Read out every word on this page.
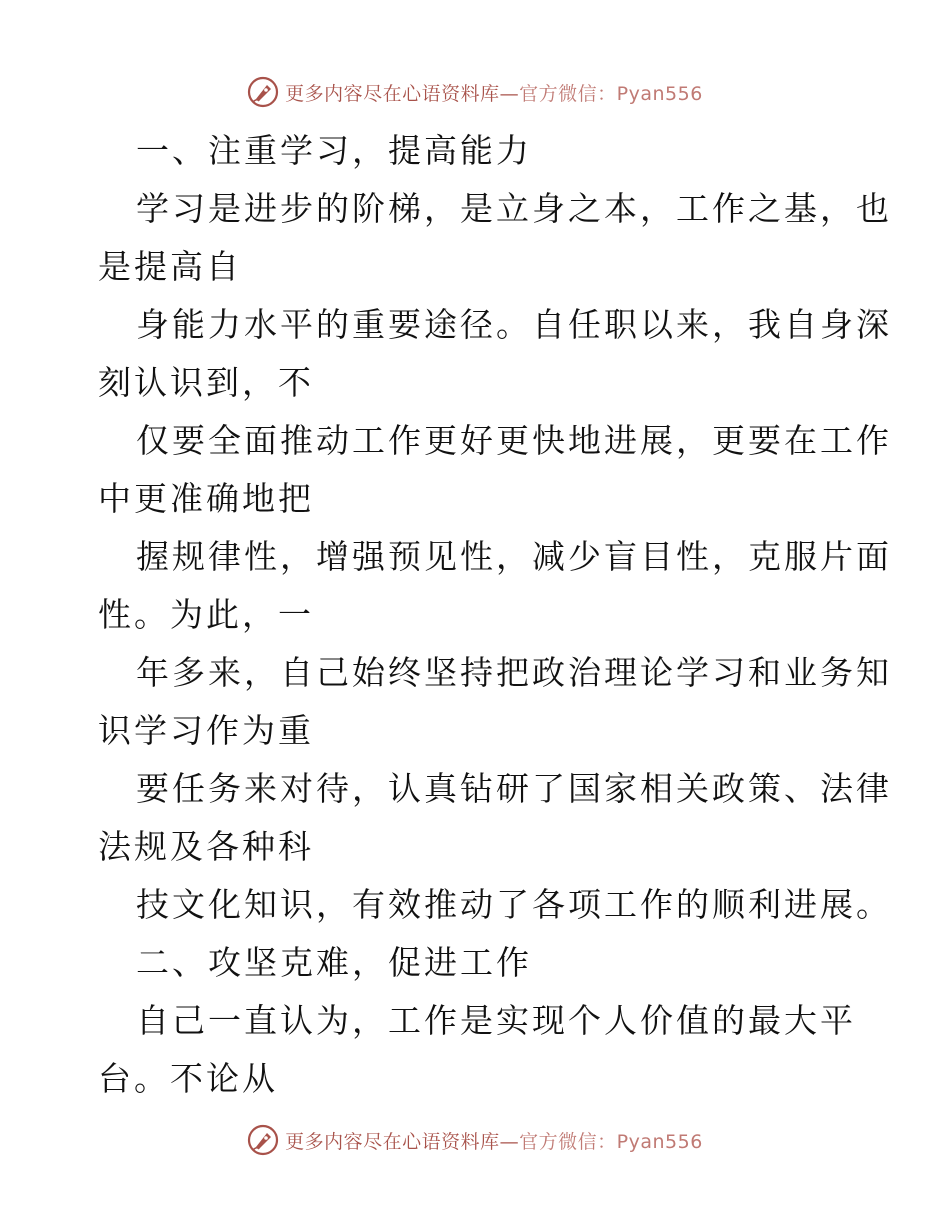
更多内容尽在心语资料库—官方微信：Pyan556
一、注重学习，提高能力
学习是进步的阶梯，是立身之本，工作之基，也
是提高自
身能力水平的重要途径。自任职以来，我自身深
刻认识到，不
仅要全面推动工作更好更快地进展，更要在工作
中更准确地把
握规律性，增强预见性，减少盲目性，克服片面
性。为此，一
年多来，自己始终坚持把政治理论学习和业务知
识学习作为重
要任务来对待，认真钻研了国家相关政策、法律
法规及各种科
技文化知识，有效推动了各项工作的顺利进展。
二、攻坚克难，促进工作
自己一直认为，工作是实现个人价值的最大平
台。不论从
更多内容尽在心语资料库—官方微信：Pyan556
